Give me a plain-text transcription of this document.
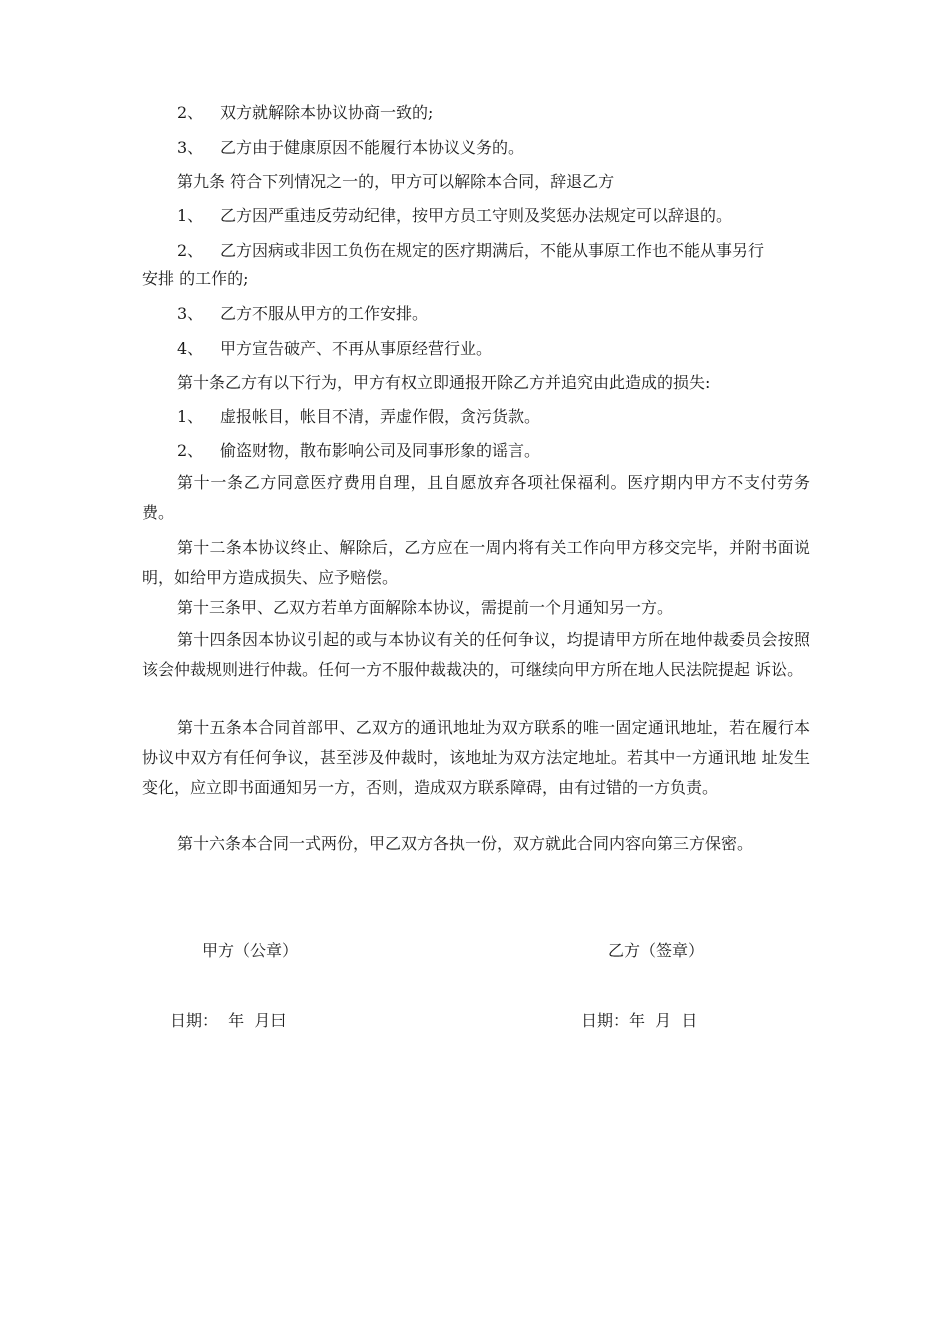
2、 双方就解除本协议协商一致的;

3、 乙方由于健康原因不能履行本协议义务的。

第九条 符合下列情况之一的，甲方可以解除本合同，辞退乙方

1、 乙方因严重违反劳动纪律，按甲方员工守则及奖惩办法规定可以辞退的。

2、 乙方因病或非因工负伤在规定的医疗期满后，不能从事原工作也不能从事另行

安排 的工作的;

3、 乙方不服从甲方的工作安排。

4、 甲方宣告破产、不再从事原经营行业。

第十条乙方有以下行为，甲方有权立即通报开除乙方并追究由此造成的损失:

1、 虚报帐目，帐目不清，弄虚作假，贪污货款。

2、 偷盗财物，散布影响公司及同事形象的谣言。

第十一条乙方同意医疗费用自理，且自愿放弃各项社保福利。医疗期内甲方不支付劳务费。

第十二条本协议终止、解除后，乙方应在一周内将有关工作向甲方移交完毕，并附书面说明，如给甲方造成损失、应予赔偿。

第十三条甲、乙双方若单方面解除本协议，需提前一个月通知另一方。

第十四条因本协议引起的或与本协议有关的任何争议，均提请甲方所在地仲裁委员会按照该会仲裁规则进行仲裁。任何一方不服仲裁裁决的，可继续向甲方所在地人民法院提起 诉讼。

第十五条本合同首部甲、乙双方的通讯地址为双方联系的唯一固定通讯地址，若在履行本协议中双方有任何争议，甚至涉及仲裁时，该地址为双方法定地址。若其中一方通讯地 址发生变化，应立即书面通知另一方，否则，造成双方联系障碍，由有过错的一方负责。

第十六条本合同一式两份，甲乙双方各执一份，双方就此合同内容向第三方保密。

甲方（公章）	乙方（签章）

日期：  年  月曰	日期：年  月  日
